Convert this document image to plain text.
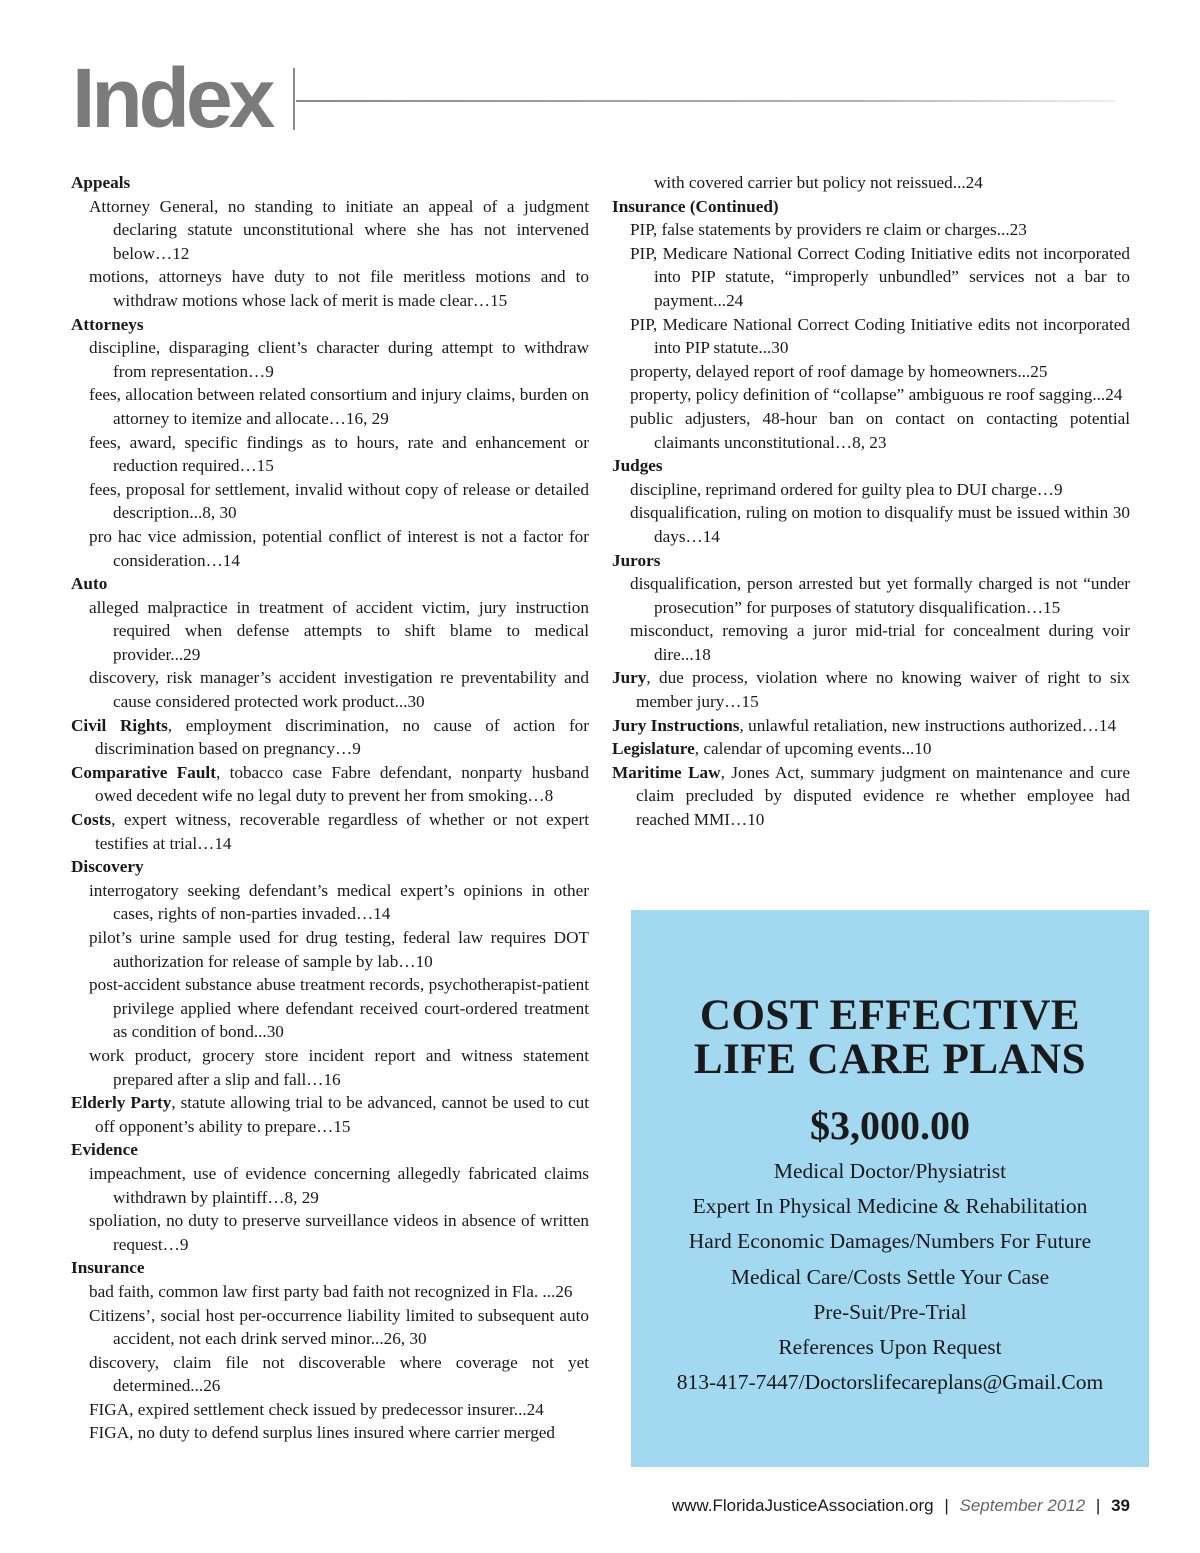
Index
Appeals
Attorney General, no standing to initiate an appeal of a judgment declaring statute unconstitutional where she has not intervened below…12
motions, attorneys have duty to not file meritless motions and to withdraw motions whose lack of merit is made clear…15
Attorneys
discipline, disparaging client’s character during attempt to withdraw from representation…9
fees, allocation between related consortium and injury claims, burden on attorney to itemize and allocate…16, 29
fees, award, specific findings as to hours, rate and enhancement or reduction required…15
fees, proposal for settlement, invalid without copy of release or detailed description...8, 30
pro hac vice admission, potential conflict of interest is not a factor for consideration…14
Auto
alleged malpractice in treatment of accident victim, jury instruction required when defense attempts to shift blame to medical provider...29
discovery, risk manager’s accident investigation re preventability and cause considered protected work product...30
Civil Rights, employment discrimination, no cause of action for discrimination based on pregnancy…9
Comparative Fault, tobacco case Fabre defendant, nonparty husband owed decedent wife no legal duty to prevent her from smoking…8
Costs, expert witness, recoverable regardless of whether or not expert testifies at trial…14
Discovery
interrogatory seeking defendant’s medical expert’s opinions in other cases, rights of non-parties invaded…14
pilot’s urine sample used for drug testing, federal law requires DOT authorization for release of sample by lab…10
post-accident substance abuse treatment records, psychotherapist-patient privilege applied where defendant received court-ordered treatment as condition of bond...30
work product, grocery store incident report and witness statement prepared after a slip and fall…16
Elderly Party, statute allowing trial to be advanced, cannot be used to cut off opponent’s ability to prepare…15
Evidence
impeachment, use of evidence concerning allegedly fabricated claims withdrawn by plaintiff…8, 29
spoliation, no duty to preserve surveillance videos in absence of written request…9
Insurance
bad faith, common law first party bad faith not recognized in Fla. ...26
Citizens’, social host per-occurrence liability limited to subsequent auto accident, not each drink served minor...26, 30
discovery, claim file not discoverable where coverage not yet determined...26
FIGA, expired settlement check issued by predecessor insurer...24
FIGA, no duty to defend surplus lines insured where carrier merged
with covered carrier but policy not reissued...24
Insurance (Continued)
PIP, false statements by providers re claim or charges...23
PIP, Medicare National Correct Coding Initiative edits not incorporated into PIP statute, “improperly unbundled” services not a bar to payment...24
PIP, Medicare National Correct Coding Initiative edits not incorporated into PIP statute...30
property, delayed report of roof damage by homeowners...25
property, policy definition of “collapse” ambiguous re roof sagging...24
public adjusters, 48-hour ban on contact on contacting potential claimants unconstitutional…8, 23
Judges
discipline, reprimand ordered for guilty plea to DUI charge…9
disqualification, ruling on motion to disqualify must be issued within 30 days…14
Jurors
disqualification, person arrested but yet formally charged is not “under prosecution” for purposes of statutory disqualification…15
misconduct, removing a juror mid-trial for concealment during voir dire...18
Jury, due process, violation where no knowing waiver of right to six member jury…15
Jury Instructions, unlawful retaliation, new instructions authorized…14
Legislature, calendar of upcoming events...10
Maritime Law, Jones Act, summary judgment on maintenance and cure claim precluded by disputed evidence re whether employee had reached MMI…10
COST EFFECTIVE
LIFE CARE PLANS
$3,000.00
Medical Doctor/Physiatrist
Expert In Physical Medicine & Rehabilitation
Hard Economic Damages/Numbers For Future
Medical Care/Costs Settle Your Case
Pre-Suit/Pre-Trial
References Upon Request
813-417-7447/Doctorslifecareplans@Gmail.Com
www.FloridaJusticeAssociation.org | September 2012 | 39
